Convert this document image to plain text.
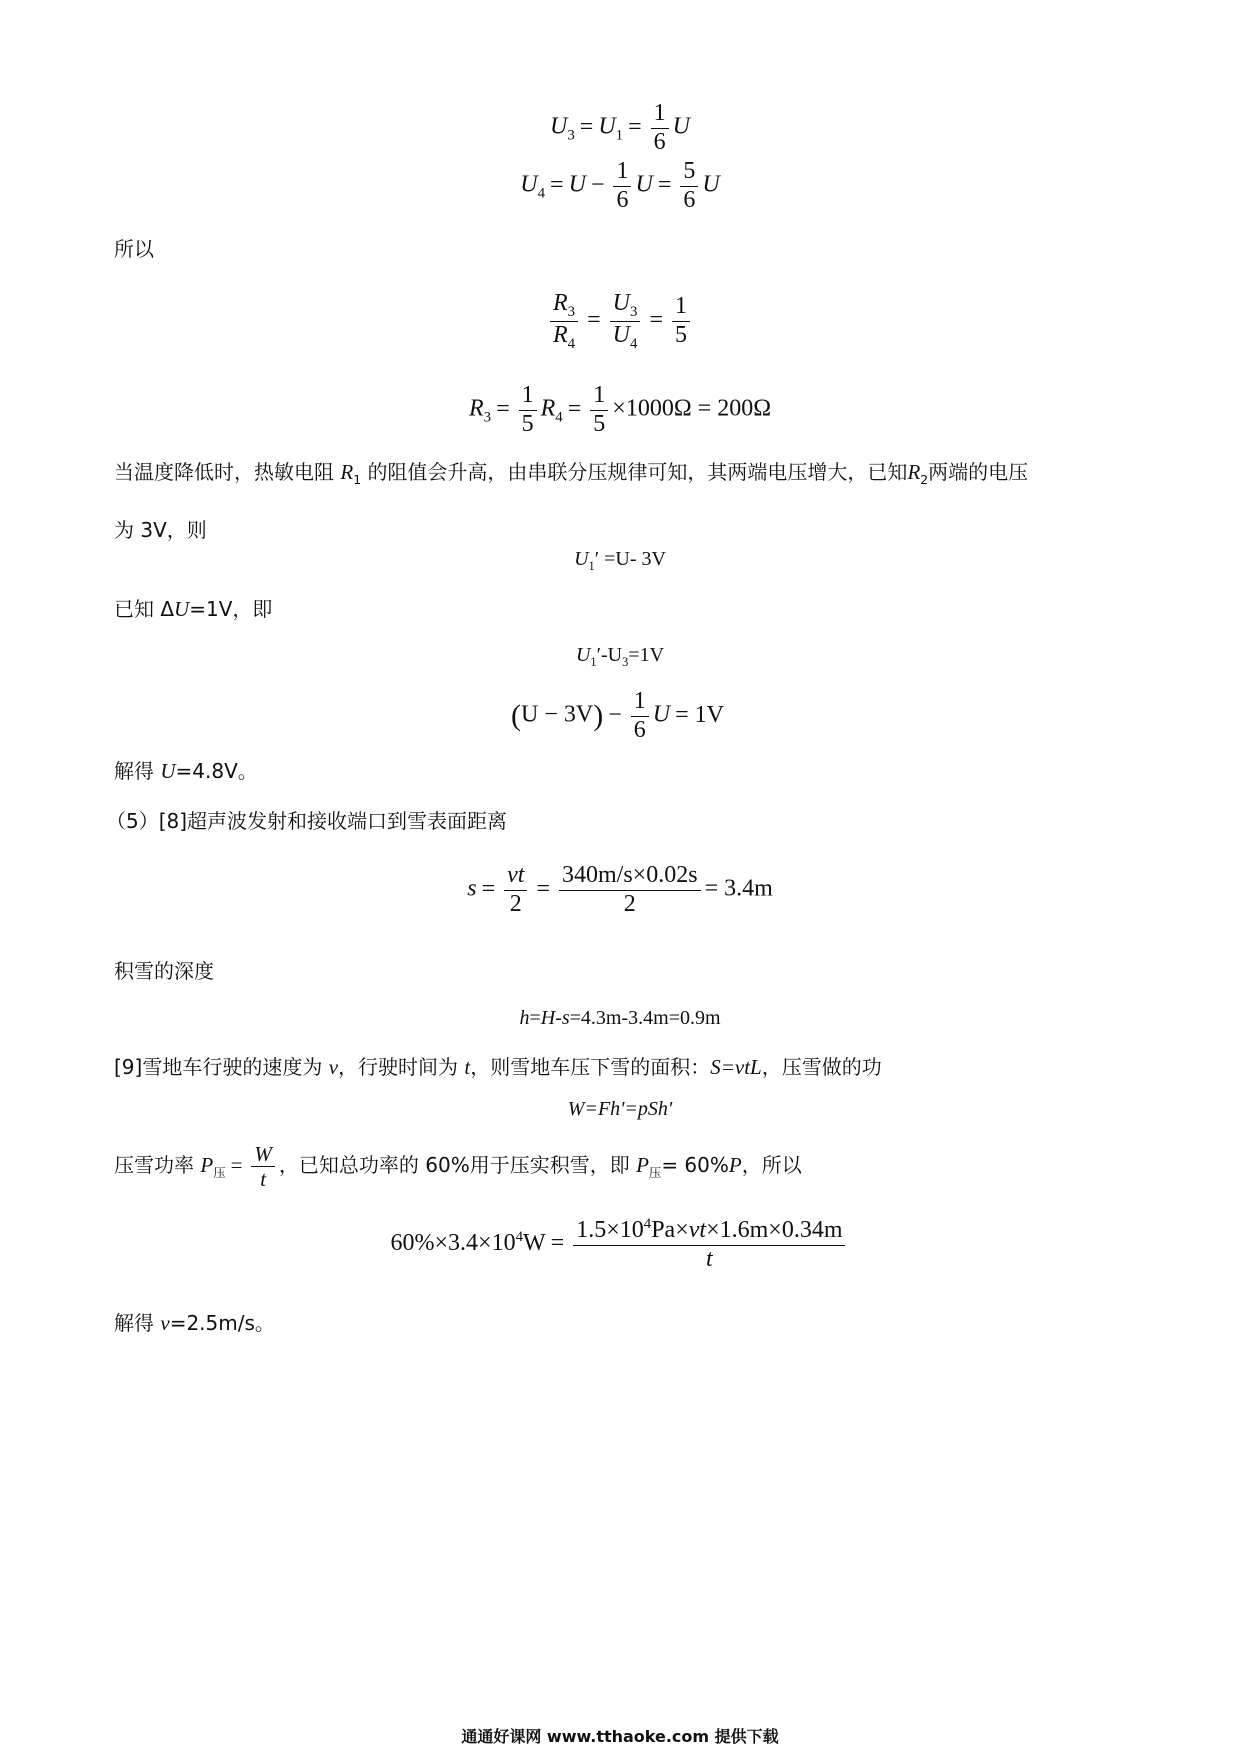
$U_3 = U_1 = \frac{1}{6}$ U
$U_4 = U - \frac{1}{6}$ $U = \frac{5}{6}$ U
所以
$\frac{R_3}{R_4} = \frac{U_3}{U_4} = \frac{1}{5}$
$R_3 = \frac{1}{5} R_4 = \frac{1}{5} \times 1000\Omega = 200\Omega$
当温度降低时，热敏电阻 $R_1$ 的阻值会升高，由串联分压规律可知，其两端电压增大，已知$R_2$两端的电压
为 3V，则
$U_1' =U-$ 3V
已知 ΔU=1V，即
$U_1'-U_3=1V$
$(U - 3V) - \frac{1}{6}$ U = 1V
解得 U=4.8V。
（5）[8]超声波发射和接收端口到雪表面距离
$s = \frac{vt}{2} = \frac{340m/s\times 0.02s}{2} = 3.4m$
积雪的深度
h=H-s=4.3m-3.4m=0.9m
[9]雪地车行驶的速度为 v，行驶时间为 t，则雪地车压下雪的面积：S=vtL，压雪做的功
W=Fh'=pSh'
压雪功率 $P_压 = \frac{W}{t}$ ，已知总功率的 60%用于压实积雪，即 $P_压= 60\%P$，所以
$60\%\times 3.4\times 10^4W = \frac{1.5\times 10^4Pa\times vt\times 1.6m\times 0.34m}{t}$
解得 v=2.5m/s。
通通好课网 www.tthaoke.com 提供下载
